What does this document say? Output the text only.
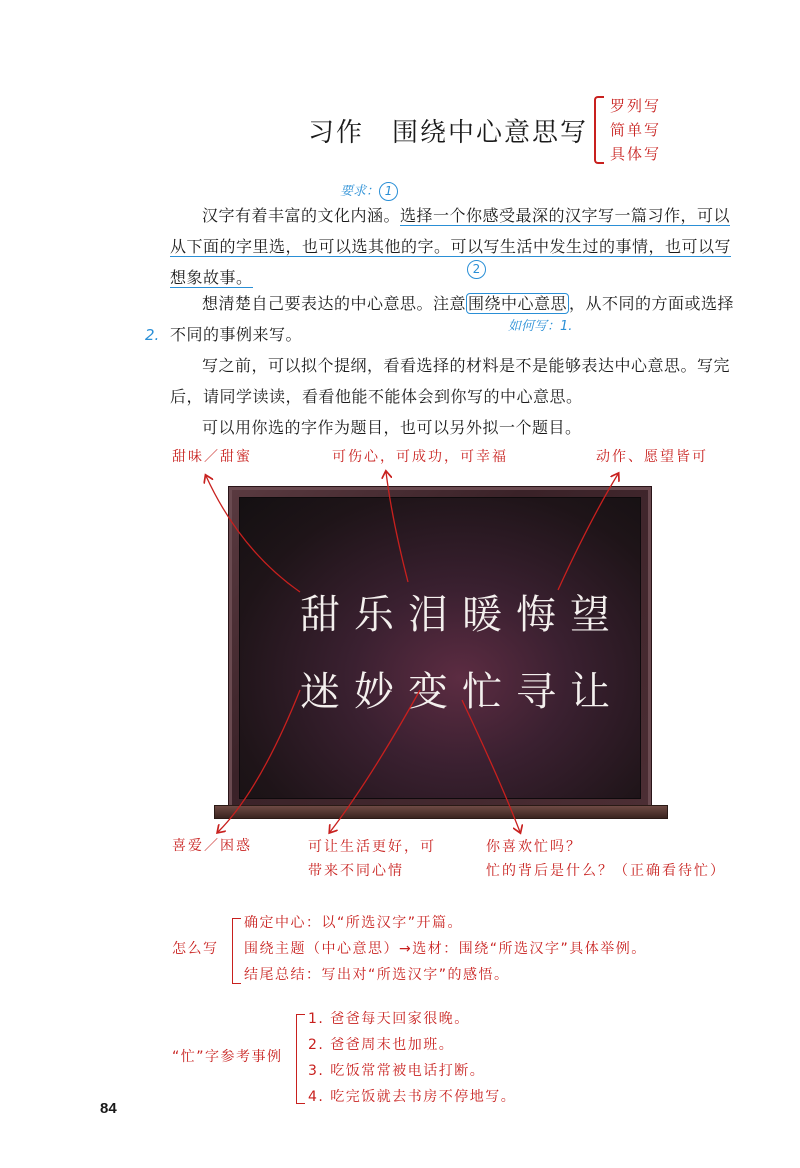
习作 围绕中心意思写
罗列写
简单写
具体写
要求： 1
汉字有着丰富的文化内涵。选择一个你感受最深的汉字写一篇习作，可以
从下面的字里选，也可以选其他的字。可以写生活中发生过的事情，也可以写
想象故事。	2
想清楚自己要表达的中心意思。注意 围绕中心意思 ，从不同的方面或选择
2. 不同的事例来写。	如何写：1.
写之前，可以拟个提纲，看看选择的材料是不是能够表达中心意思。写完
后，请同学读读，看看他能不能体会到你写的中心意思。
可以用你选的字作为题目，也可以另外拟一个题目。
甜味／甜蜜	可伤心，可成功，可幸福	动作、愿望皆可
甜乐泪暖悔望
迷妙变忙寻让
喜爱／困惑	可让生活更好，可
带来不同心情
你喜欢忙吗？
忙的背后是什么？（正确看待忙）
怎么写
确定中心：以“所选汉字”开篇。
围绕主题（中心意思）→选材：围绕“所选汉字”具体举例。
结尾总结：写出对“所选汉字”的感悟。
“忙”字参考事例
1. 爸爸每天回家很晚。
2. 爸爸周末也加班。
3. 吃饭常常被电话打断。
4. 吃完饭就去书房不停地写。
84
